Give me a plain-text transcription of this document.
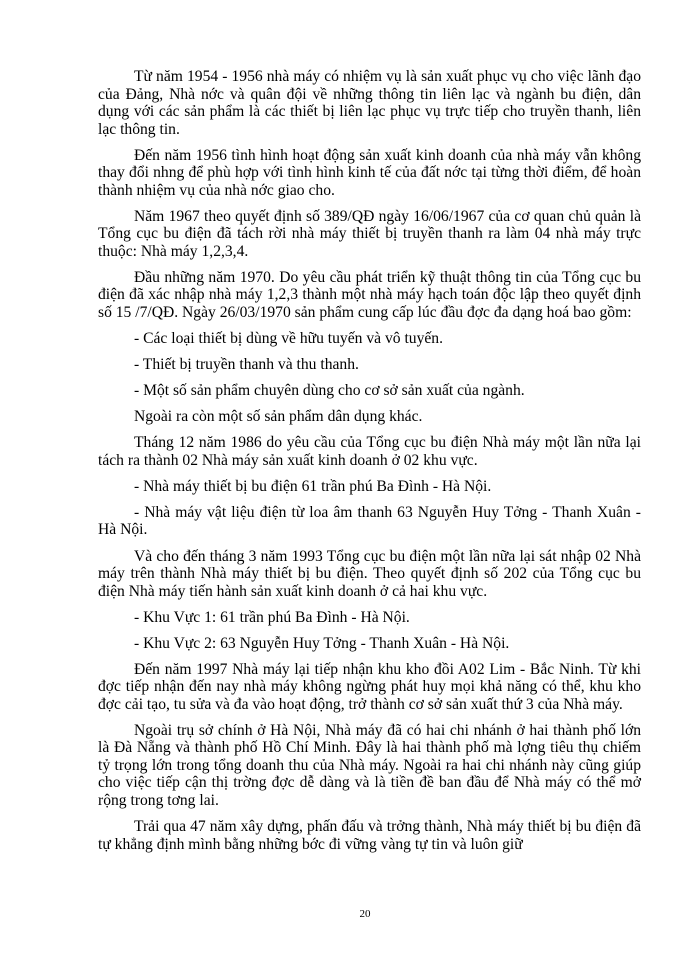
Từ năm 1954 - 1956 nhà máy có nhiệm vụ là sản xuất phục vụ cho việc lãnh đạo của Đảng, Nhà nớc và quân đội về những thông tin liên lạc và ngành bu điện, dân dụng với các sản phẩm là các thiết bị liên lạc phục vụ trực tiếp cho truyền thanh, liên lạc thông tin.

Đến năm 1956 tình hình hoạt động sản xuất kinh doanh của nhà máy vẫn không thay đổi nhng để phù hợp với tình hình kinh tế của đất nớc tại từng thời điểm, để hoàn thành nhiệm vụ của nhà nớc giao cho.

Năm 1967 theo quyết định số 389/QĐ ngày 16/06/1967 của cơ quan chủ quản là Tổng cục bu điện đã tách rời nhà máy thiết bị truyền thanh ra làm 04 nhà máy trực thuộc: Nhà máy 1,2,3,4.

Đầu những năm 1970. Do yêu cầu phát triển kỹ thuật thông tin của Tổng cục bu điện đã xác nhập nhà máy 1,2,3 thành một nhà máy hạch toán độc lập theo quyết định số 15 /7/QĐ. Ngày 26/03/1970 sản phẩm cung cấp lúc đầu đợc đa dạng hoá bao gồm:

- Các loại thiết bị dùng về hữu tuyến và vô tuyến.

- Thiết bị truyền thanh và thu thanh.

- Một số sản phẩm chuyên dùng cho cơ sở sản xuất của ngành.

Ngoài ra còn một số sản phẩm dân dụng khác.

Tháng 12 năm 1986 do yêu cầu của Tổng cục bu điện Nhà máy một lần nữa lại tách ra thành 02 Nhà máy sản xuất kinh doanh ở 02 khu vực.

- Nhà máy thiết bị bu điện 61 trần phú Ba Đình - Hà Nội.

- Nhà máy vật liệu điện từ loa âm thanh 63 Nguyễn Huy Tởng - Thanh Xuân - Hà Nội.

Và cho đến tháng 3 năm 1993 Tổng cục bu điện một lần nữa lại sát nhập 02 Nhà máy trên thành Nhà máy thiết bị bu điện. Theo quyết định số 202 của Tổng cục bu điện Nhà máy tiến hành sản xuất kinh doanh ở cả hai khu vực.

- Khu Vực 1: 61 trần phú Ba Đình - Hà Nội.

- Khu Vực 2: 63 Nguyễn Huy Tởng - Thanh Xuân - Hà Nội.

Đến năm 1997 Nhà máy lại tiếp nhận khu kho đồi A02 Lim - Bắc Ninh. Từ khi đợc tiếp nhận đến nay nhà máy không ngừng phát huy mọi khả năng có thể, khu kho đợc cải tạo, tu sửa và đa vào hoạt động, trở thành cơ sở sản xuất thứ 3 của Nhà máy.

Ngoài trụ sở chính ở Hà Nội, Nhà máy đã có hai chi nhánh ở hai thành phố lớn là Đà Nẵng và thành phố Hồ Chí Minh. Đây là hai thành phố mà lợng tiêu thụ chiếm tỷ trọng lớn trong tổng doanh thu của Nhà máy. Ngoài ra hai chi nhánh này cũng giúp cho việc tiếp cận thị trờng đợc dễ dàng và là tiền đề ban đầu để Nhà máy có thể mở rộng trong tơng lai.

Trải qua 47 năm xây dựng, phấn đấu và trởng thành, Nhà máy thiết bị bu điện đã tự khẳng định mình bằng những bớc đi vững vàng tự tin và luôn giữ

20
